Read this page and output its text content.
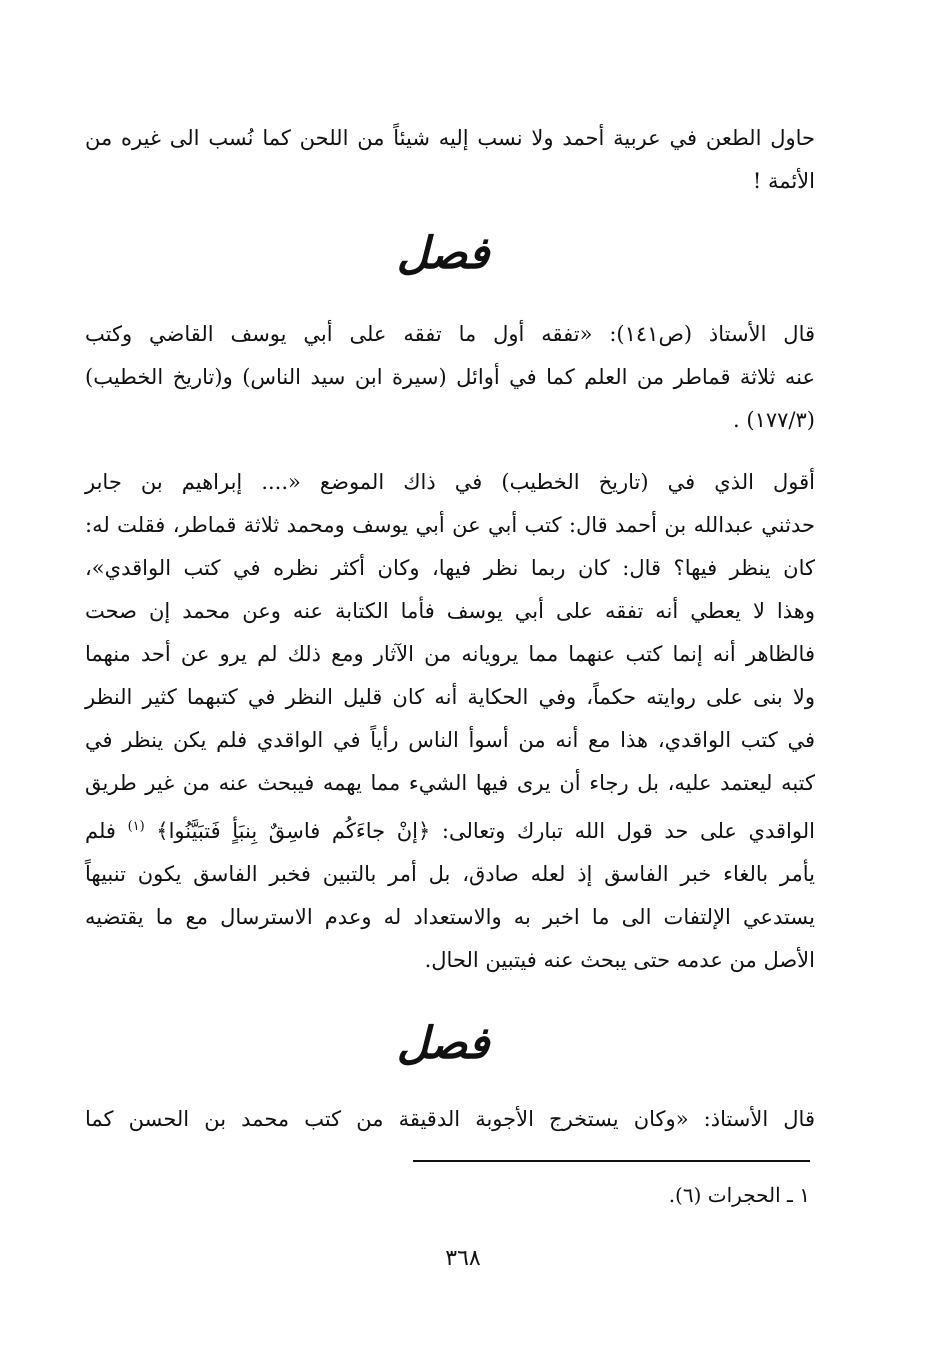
حاول الطعن في عربية أحمد ولا نسب إليه شيئاً من اللحن كما نُسب الى غيره من
الأئمة !
فصل
قال الأستاذ (ص١٤١): «تفقه أول ما تفقه على أبي يوسف القاضي وكتب
عنه ثلاثة قماطر من العلم كما في أوائل (سيرة ابن سيد الناس) و(تاريخ الخطيب)
(١٧٧/٣) .
أقول الذي في (تاريخ الخطيب) في ذاك الموضع «.... إبراهيم بن جابر
حدثني عبدالله بن أحمد قال: كتب أبي عن أبي يوسف ومحمد ثلاثة قماطر، فقلت له:
كان ينظر فيها؟ قال: كان ربما نظر فيها، وكان أكثر نظره في كتب الواقدي»،
وهذا لا يعطي أنه تفقه على أبي يوسف فأما الكتابة عنه وعن محمد إن صحت
فالظاهر أنه إنما كتب عنهما مما يرويانه من الآثار ومع ذلك لم يرو عن أحد منهما
ولا بنى على روايته حكماً، وفي الحكاية أنه كان قليل النظر في كتبهما كثير النظر
في كتب الواقدي، هذا مع أنه من أسوأ الناس رأياً في الواقدي فلم يكن ينظر في
كتبه ليعتمد عليه، بل رجاء أن يرى فيها الشيء مما يهمه فيبحث عنه من غير طريق
الواقدي على حد قول الله تبارك وتعالى: ﴿إنْ جاءَكُم فاسِقٌ بِنبَأٍ فَتبَيَّنُوا﴾ $^{(١)}$ فلم
يأمر بالغاء خبر الفاسق إذ لعله صادق، بل أمر بالتبين فخبر الفاسق يكون تنبيهاً
يستدعي الإلتفات الى ما اخبر به والاستعداد له وعدم الاسترسال مع ما يقتضيه
الأصل من عدمه حتى يبحث عنه فيتبين الحال.
فصل
قال الأستاذ: «وكان يستخرج الأجوبة الدقيقة من كتب محمد بن الحسن كما
١ ـ الحجرات (٦).
٣٦٨
